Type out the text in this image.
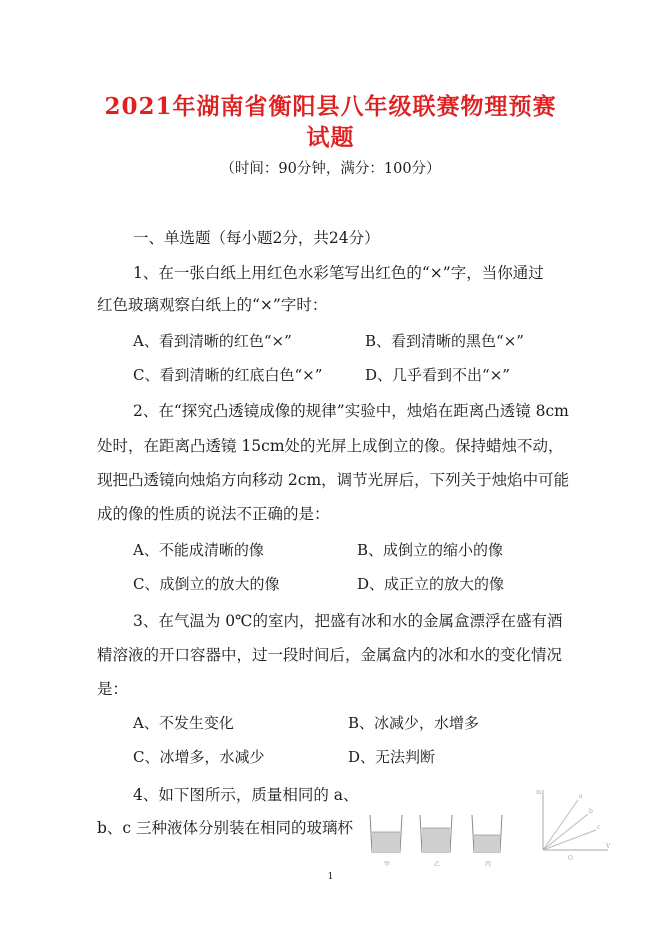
2021年湖南省衡阳县八年级联赛物理预赛
试题
（时间：90分钟，满分：100分）
一、单选题（每小题2分，共24分）
1、在一张白纸上用红色水彩笔写出红色的“×”字，当你通过
红色玻璃观察白纸上的“×”字时：
A、看到清晰的红色“×”	B、看到清晰的黑色“×”
C、看到清晰的红底白色“×”	D、几乎看到不出“×”
2、在“探究凸透镜成像的规律”实验中，烛焰在距离凸透镜 8cm
处时，在距离凸透镜 15cm处的光屏上成倒立的像。保持蜡烛不动，
现把凸透镜向烛焰方向移动 2cm，调节光屏后，下列关于烛焰中可能
成的像的性质的说法不正确的是：
A、不能成清晰的像	B、成倒立的缩小的像
C、成倒立的放大的像	D、成正立的放大的像
3、在气温为 0℃的室内，把盛有冰和水的金属盒漂浮在盛有酒
精溶液的开口容器中，过一段时间后，金属盒内的冰和水的变化情况
是：
A、不发生变化	B、冰减少，水增多
C、冰增多，水减少	D、无法判断
4、如下图所示，质量相同的 a、
b、c 三种液体分别装在相同的玻璃杯
甲	乙	丙
m
a
b
c
V
O
1
